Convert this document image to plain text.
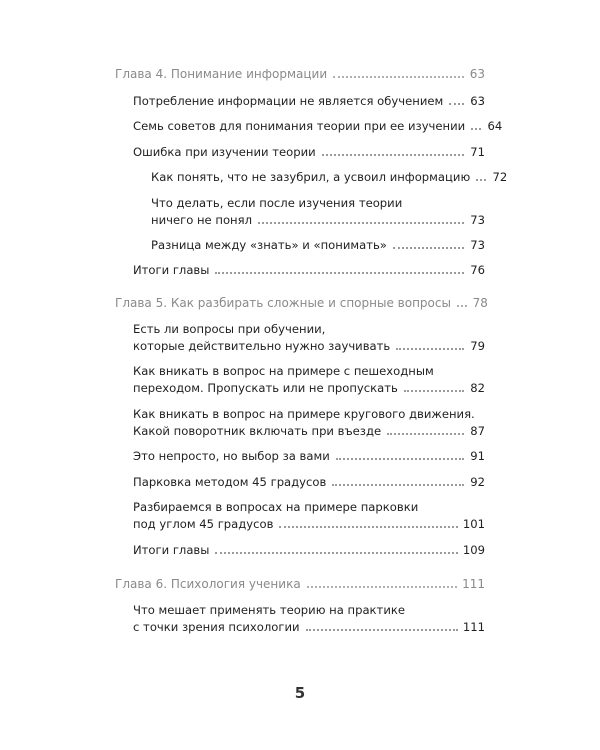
Глава 4. Понимание информации	63
Потребление информации не является обучением 63
Семь советов для понимания теории при ее изучении 64
Ошибка при изучении теории	71
Как понять, что не зазубрил, а усвоил информацию 72
Что делать, если после изучения теории
ничего не понял	73
Разница между «знать» и «понимать»	73
Итоги главы	76
Глава 5. Как разбирать сложные и спорные вопросы 78
Есть ли вопросы при обучении,
которые действительно нужно заучивать	79
Как вникать в вопрос на примере с пешеходным
переходом. Пропускать или не пропускать	82
Как вникать в вопрос на примере кругового движения.
Какой поворотник включать при въезде	87
Это непросто, но выбор за вами	91
Парковка методом 45 градусов	92
Разбираемся в вопросах на примере парковки
под углом 45 градусов	101
Итоги главы	109
Глава 6. Психология ученика	111
Что мешает применять теорию на практике
с точки зрения психологии	111
5
